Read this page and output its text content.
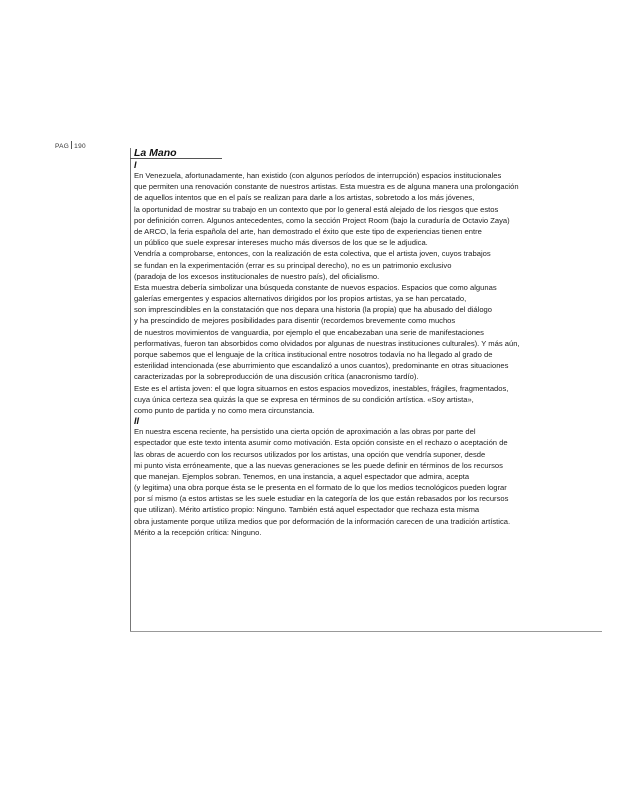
PAG 190
La Mano
I
En Venezuela, afortunadamente, han existido (con algunos períodos de interrupción) espacios institucionales
que permiten una renovación constante de nuestros artistas. Esta muestra es de alguna manera una prolongación
de aquellos intentos que en el país se realizan para darle a los artistas, sobretodo a los más jóvenes,
la oportunidad de mostrar su trabajo en un contexto que por lo general está alejado de los riesgos que estos
por definición corren. Algunos antecedentes, como la sección Project Room (bajo la curaduría de Octavio Zaya)
de ARCO, la feria española del arte, han demostrado el éxito que este tipo de experiencias tienen entre
un público que suele expresar intereses mucho más diversos de los que se le adjudica.
Vendría a comprobarse, entonces, con la realización de esta colectiva, que el artista joven, cuyos trabajos
se fundan en la experimentación (errar es su principal derecho), no es un patrimonio exclusivo
(paradoja de los excesos institucionales de nuestro país), del oficialismo.
Esta muestra debería simbolizar una búsqueda constante de nuevos espacios. Espacios que como algunas
galerías emergentes y espacios alternativos dirigidos por los propios artistas, ya se han percatado,
son imprescindibles en la constatación que nos depara una historia (la propia) que ha abusado del diálogo
y ha prescindido de mejores posibilidades para disentir (recordemos brevemente como muchos
de nuestros movimientos de vanguardia, por ejemplo el que encabezaban una serie de manifestaciones
performativas, fueron tan absorbidos como olvidados por algunas de nuestras instituciones culturales). Y más aún,
porque sabemos que el lenguaje de la crítica institucional entre nosotros todavía no ha llegado al grado de
esterilidad intencionada (ese aburrimiento que escandalizó a unos cuantos), predominante en otras situaciones
caracterizadas por la sobreproducción de una discusión crítica (anacronismo tardío).
Este es el artista joven: el que logra situarnos en estos espacios movedizos, inestables, frágiles, fragmentados,
cuya única certeza sea quizás la que se expresa en términos de su condición artística. «Soy artista»,
como punto de partida y no como mera circunstancia.
II
En nuestra escena reciente, ha persistido una cierta opción de aproximación a las obras por parte del
espectador que este texto intenta asumir como motivación. Esta opción consiste en el rechazo o aceptación de
las obras de acuerdo con los recursos utilizados por los artistas, una opción que vendría suponer, desde
mi punto vista erróneamente, que a las nuevas generaciones se les puede definir en términos de los recursos
que manejan. Ejemplos sobran. Tenemos, en una instancia, a aquel espectador que admira, acepta
(y legitima) una obra porque ésta se le presenta en el formato de lo que los medios tecnológicos pueden lograr
por sí mismo (a estos artistas se les suele estudiar en la categoría de los que están rebasados por los recursos
que utilizan). Mérito artístico propio: Ninguno. También está aquel espectador que rechaza esta misma
obra justamente porque utiliza medios que por deformación de la información carecen de una tradición artística.
Mérito a la recepción crítica: Ninguno.
